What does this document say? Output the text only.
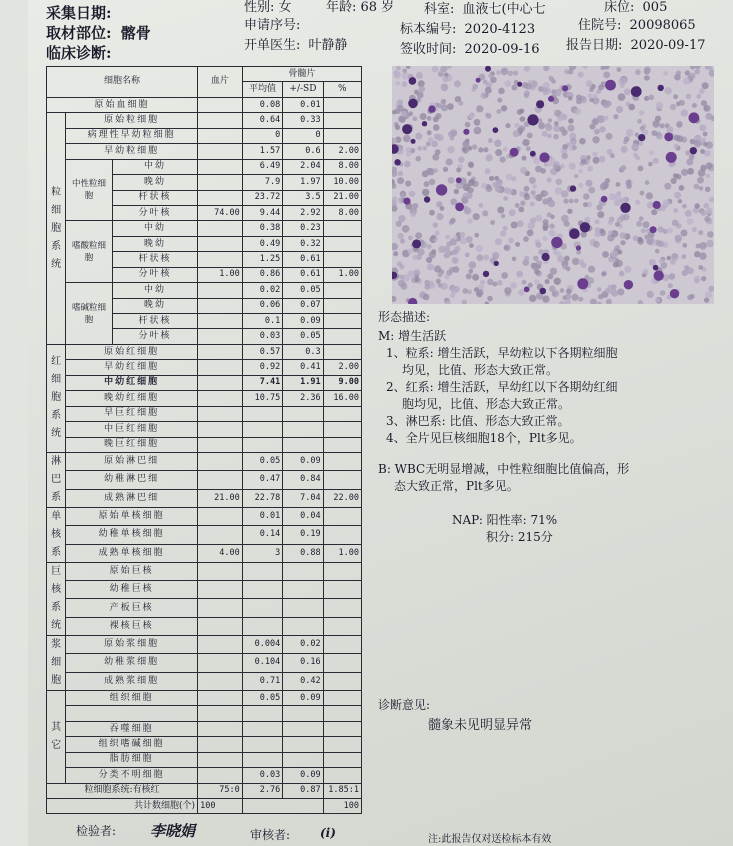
采集日期:
取材部位: 髂骨
临床诊断:
性别: 女	年龄: 68 岁
申请序号:
开单医生: 叶静静
科室: 血液七(中心七	床位: 005
标本编号: 2020-4123	住院号: 20098065
签收时间: 2020-09-16 报告日期: 2020-09-17
细胞名称			血片	骨髓片		
				平均值	+/-SD	%
原始血细胞				0.08	0.01	
粒细胞系统	原始粒细胞			0.64	0.33	
	病理性早幼粒细胞			0	0	
	早幼粒细胞			1.57	0.6	2.00
	中性粒细胞	中幼		6.49	2.04	8.00
		晚幼		7.9	1.97	10.00
		杆状核		23.72	3.5	21.00
		分叶核	74.00	9.44	2.92	8.00
	嗜酸粒细胞	中幼		0.38	0.23	
		晚幼		0.49	0.32	
		杆状核		1.25	0.61	
		分叶核	1.00	0.86	0.61	1.00
	嗜碱粒细胞	中幼		0.02	0.05	
		晚幼		0.06	0.07	
		杆状核		0.1	0.09	
		分叶核		0.03	0.05	
红细胞系统	原始红细胞			0.57	0.3	
	早幼红细胞			0.92	0.41	2.00
	中幼红细胞			7.41	1.91	9.00
	晚幼红细胞			10.75	2.36	16.00
	早巨红细胞					
	中巨红细胞					
	晚巨红细胞					
淋巴系	原始淋巴细			0.05	0.09	
	幼稚淋巴细			0.47	0.84	
	成熟淋巴细		21.00	22.78	7.04	22.00
单核系	原始单核细胞			0.01	0.04	
	幼稚单核细胞			0.14	0.19	
	成熟单核细胞		4.00	3	0.88	1.00
巨核系统	原始巨核					
	幼稚巨核					
	产板巨核					
	裸核巨核					
浆细胞	原始浆细胞			0.004	0.02	
	幼稚浆细胞			0.104	0.16	
	成熟浆细胞			0.71	0.42	
其它	组织细胞			0.05	0.09	

	吞噬细胞					
	组织嗜碱细胞					
	脂肪细胞					
	分类不明细胞			0.03	0.09	
粒细胞系统:有核红			75:0	2.76	0.87	1.85:1
共计数细胞(个)			100			100
形态描述:
M: 增生活跃
1、粒系: 增生活跃，早幼粒以下各期粒细胞
均见，比值、形态大致正常。
2、红系: 增生活跃，早幼红以下各期幼红细
胞均见，比值、形态大致正常。
3、淋巴系: 比值、形态大致正常。
4、全片见巨核细胞18个，Plt多见。
B: WBC无明显增减，中性粒细胞比值偏高，形
态大致正常，Plt多见。
NAP: 阳性率: 71%
积分: 215分
诊断意见:
髓象未见明显异常
检验者: 李晓娟	审核者: (i)	注:此报告仅对送检标本有效
